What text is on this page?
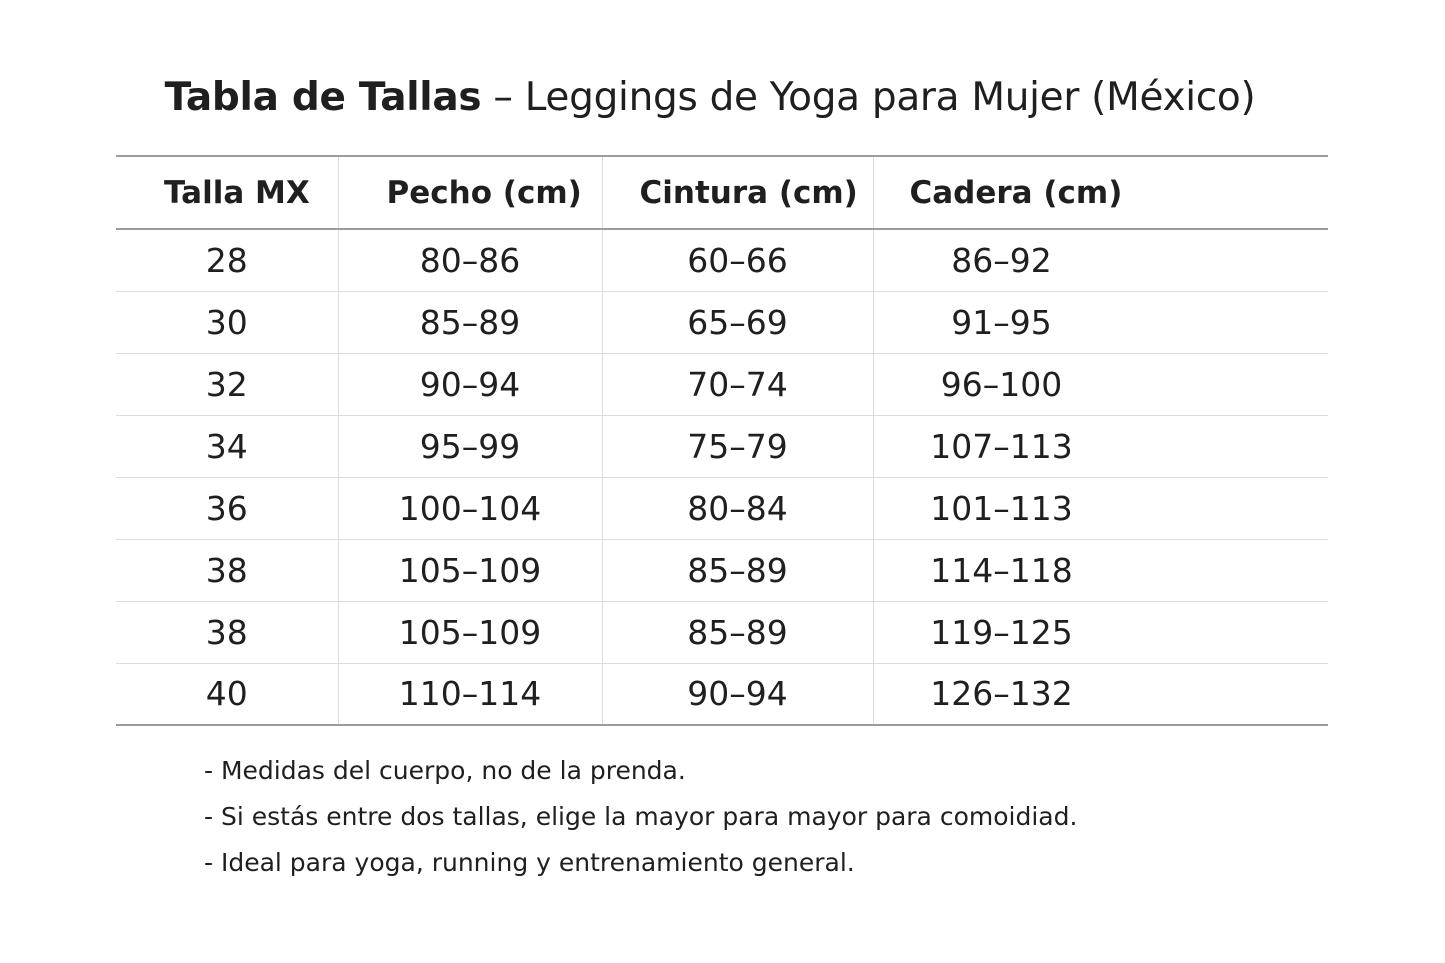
Tabla de Tallas – Leggings de Yoga para Mujer (México)
Talla MX	Pecho (cm)	Cintura (cm)	Cadera (cm)
28	80–86	60–66	86–92
30	85–89	65–69	91–95
32	90–94	70–74	96–100
34	95–99	75–79	107–113
36	100–104	80–84	101–113
38	105–109	85–89	114–118
38	105–109	85–89	119–125
40	110–114	90–94	126–132
- Medidas del cuerpo, no de la prenda.
- Si estás entre dos tallas, elige la mayor para mayor para comoidiad.
- Ideal para yoga, running y entrenamiento general.
